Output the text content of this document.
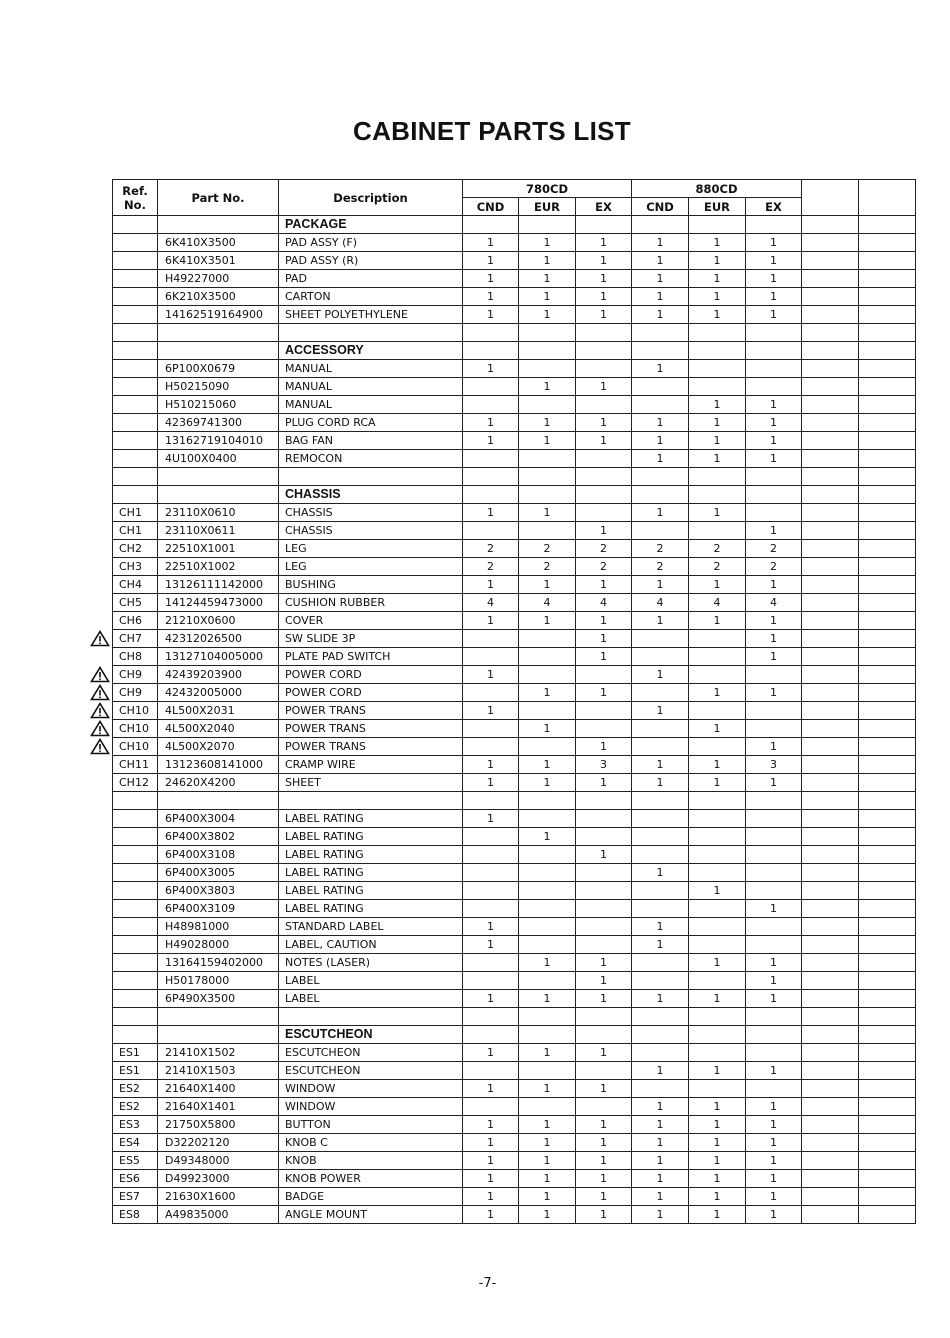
CABINET PARTS LIST
Ref.
No.	Part No.	Description	780CD			880CD				
			CND	EUR	EX	CND	EUR	EX		
		PACKAGE								
	6K410X3500	PAD ASSY (F)	1	1	1	1	1	1		
	6K410X3501	PAD ASSY (R)	1	1	1	1	1	1		
	H49227000	PAD	1	1	1	1	1	1		
	6K210X3500	CARTON	1	1	1	1	1	1		
	14162519164900	SHEET POLYETHYLENE	1	1	1	1	1	1		

		ACCESSORY								
	6P100X0679	MANUAL	1			1				
	H50215090	MANUAL		1	1					
	H510215060	MANUAL					1	1		
	42369741300	PLUG CORD RCA	1	1	1	1	1	1		
	13162719104010	BAG FAN	1	1	1	1	1	1		
	4U100X0400	REMOCON				1	1	1		

		CHASSIS								
CH1	23110X0610	CHASSIS	1	1		1	1			
CH1	23110X0611	CHASSIS			1			1		
CH2	22510X1001	LEG	2	2	2	2	2	2		
CH3	22510X1002	LEG	2	2	2	2	2	2		
CH4	13126111142000	BUSHING	1	1	1	1	1	1		
CH5	14124459473000	CUSHION RUBBER	4	4	4	4	4	4		
CH6	21210X0600	COVER	1	1	1	1	1	1		
CH7	42312026500	SW SLIDE 3P			1			1		
CH8	13127104005000	PLATE PAD SWITCH			1			1		
CH9	42439203900	POWER CORD	1			1				
CH9	42432005000	POWER CORD		1	1		1	1		
CH10	4L500X2031	POWER TRANS	1			1				
CH10	4L500X2040	POWER TRANS		1			1			
CH10	4L500X2070	POWER TRANS			1			1		
CH11	13123608141000	CRAMP WIRE	1	1	3	1	1	3		
CH12	24620X4200	SHEET	1	1	1	1	1	1		

	6P400X3004	LABEL RATING	1							
	6P400X3802	LABEL RATING		1						
	6P400X3108	LABEL RATING			1					
	6P400X3005	LABEL RATING				1				
	6P400X3803	LABEL RATING					1			
	6P400X3109	LABEL RATING						1		
	H48981000	STANDARD LABEL	1			1				
	H49028000	LABEL, CAUTION	1			1				
	13164159402000	NOTES (LASER)		1	1		1	1		
	H50178000	LABEL			1			1		
	6P490X3500	LABEL	1	1	1	1	1	1		

		ESCUTCHEON								
ES1	21410X1502	ESCUTCHEON	1	1	1					
ES1	21410X1503	ESCUTCHEON				1	1	1		
ES2	21640X1400	WINDOW	1	1	1					
ES2	21640X1401	WINDOW				1	1	1		
ES3	21750X5800	BUTTON	1	1	1	1	1	1		
ES4	D32202120	KNOB C	1	1	1	1	1	1		
ES5	D49348000	KNOB	1	1	1	1	1	1		
ES6	D49923000	KNOB POWER	1	1	1	1	1	1		
ES7	21630X1600	BADGE	1	1	1	1	1	1		
ES8	A49835000	ANGLE MOUNT	1	1	1	1	1	1		
-7-
